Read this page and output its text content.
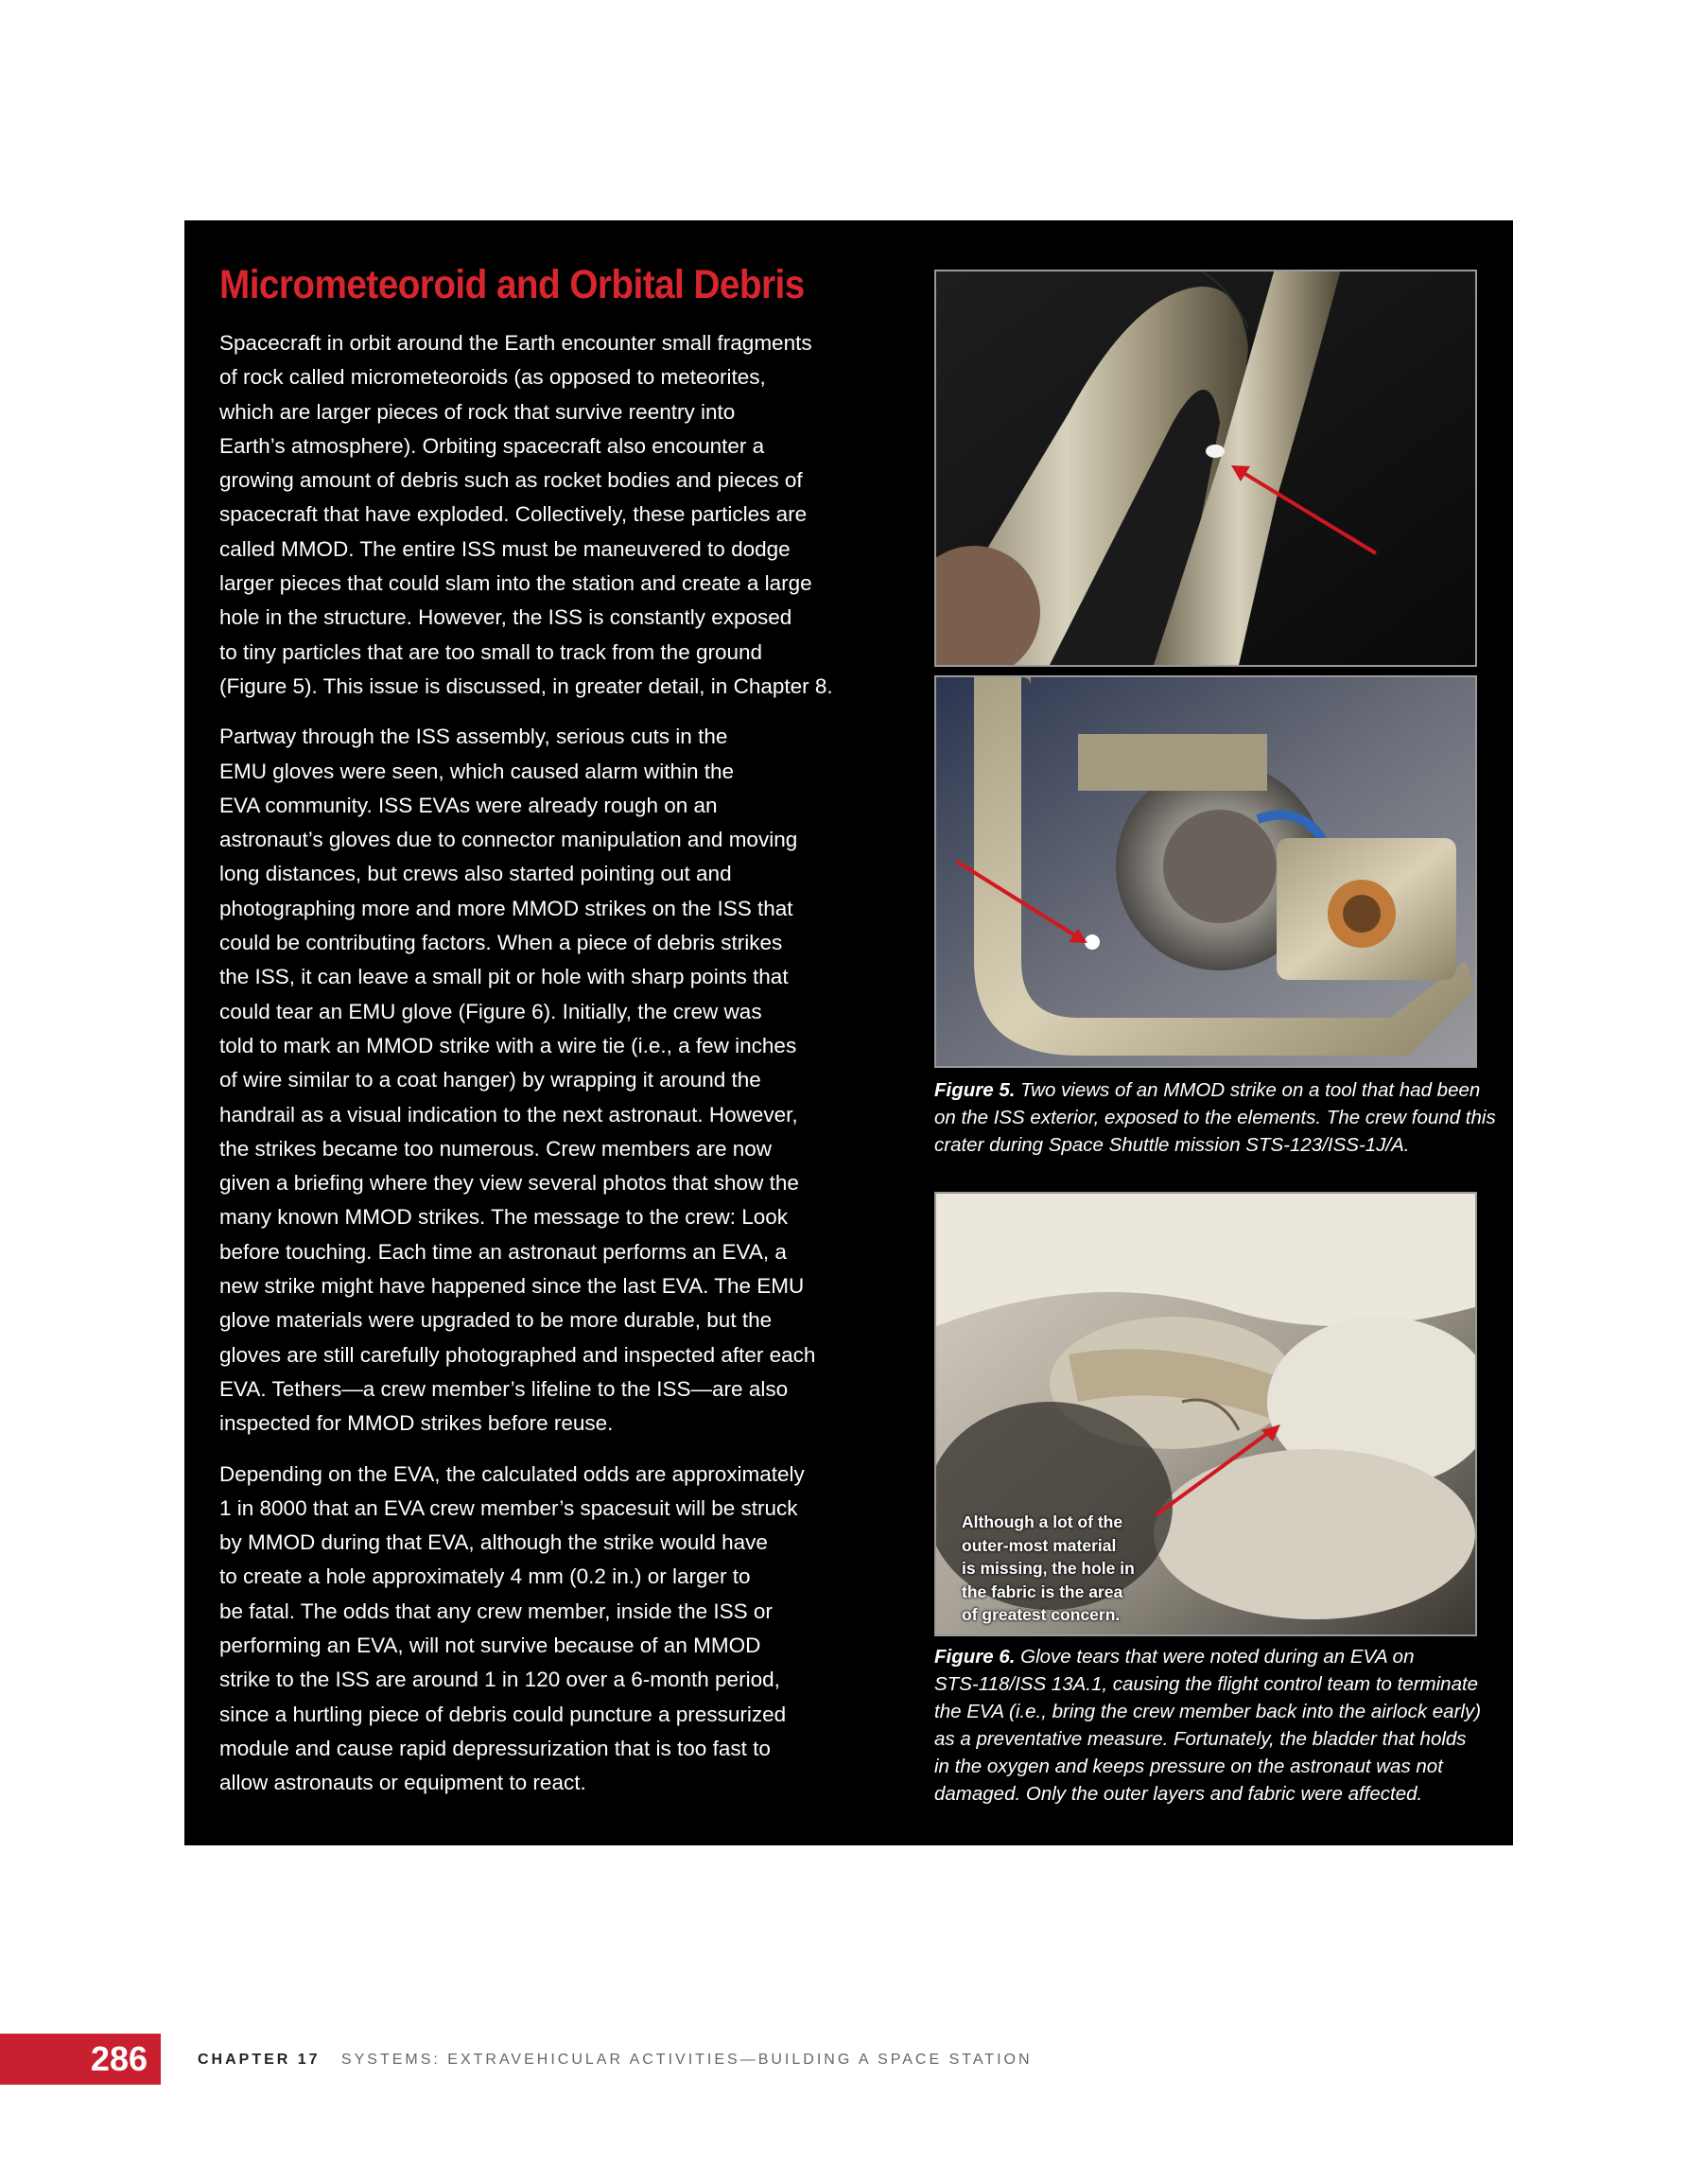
Micrometeoroid and Orbital Debris

Spacecraft in orbit around the Earth encounter small fragments
of rock called micrometeoroids (as opposed to meteorites,
which are larger pieces of rock that survive reentry into
Earth’s atmosphere). Orbiting spacecraft also encounter a
growing amount of debris such as rocket bodies and pieces of
spacecraft that have exploded. Collectively, these particles are
called MMOD. The entire ISS must be maneuvered to dodge
larger pieces that could slam into the station and create a large
hole in the structure. However, the ISS is constantly exposed
to tiny particles that are too small to track from the ground
(Figure 5). This issue is discussed, in greater detail, in Chapter 8.

Partway through the ISS assembly, serious cuts in the
EMU gloves were seen, which caused alarm within the
EVA community. ISS EVAs were already rough on an
astronaut’s gloves due to connector manipulation and moving
long distances, but crews also started pointing out and
photographing more and more MMOD strikes on the ISS that
could be contributing factors. When a piece of debris strikes
the ISS, it can leave a small pit or hole with sharp points that
could tear an EMU glove (Figure 6). Initially, the crew was
told to mark an MMOD strike with a wire tie (i.e., a few inches
of wire similar to a coat hanger) by wrapping it around the
handrail as a visual indication to the next astronaut. However,
the strikes became too numerous. Crew members are now
given a briefing where they view several photos that show the
many known MMOD strikes. The message to the crew: Look
before touching. Each time an astronaut performs an EVA, a
new strike might have happened since the last EVA. The EMU
glove materials were upgraded to be more durable, but the
gloves are still carefully photographed and inspected after each
EVA. Tethers—a crew member’s lifeline to the ISS—are also
inspected for MMOD strikes before reuse.

Depending on the EVA, the calculated odds are approximately
1 in 8000 that an EVA crew member’s spacesuit will be struck
by MMOD during that EVA, although the strike would have
to create a hole approximately 4 mm (0.2 in.) or larger to
be fatal. The odds that any crew member, inside the ISS or
performing an EVA, will not survive because of an MMOD
strike to the ISS are around 1 in 120 over a 6-month period,
since a hurtling piece of debris could puncture a pressurized
module and cause rapid depressurization that is too fast to
allow astronauts or equipment to react.

Figure 5. Two views of an MMOD strike on a tool that had been
on the ISS exterior, exposed to the elements. The crew found this
crater during Space Shuttle mission STS-123/ISS-1J/A.
Although a lot of the
outer-most material
is missing, the hole in
the fabric is the area
of greatest concern.
Figure 6. Glove tears that were noted during an EVA on
STS-118/ISS 13A.1, causing the flight control team to terminate
the EVA (i.e., bring the crew member back into the airlock early)
as a preventative measure. Fortunately, the bladder that holds
in the oxygen and keeps pressure on the astronaut was not
damaged. Only the outer layers and fabric were affected.
286	CHAPTER 17 SYSTEMS: EXTRAVEHICULAR ACTIVITIES—BUILDING A SPACE STATION
